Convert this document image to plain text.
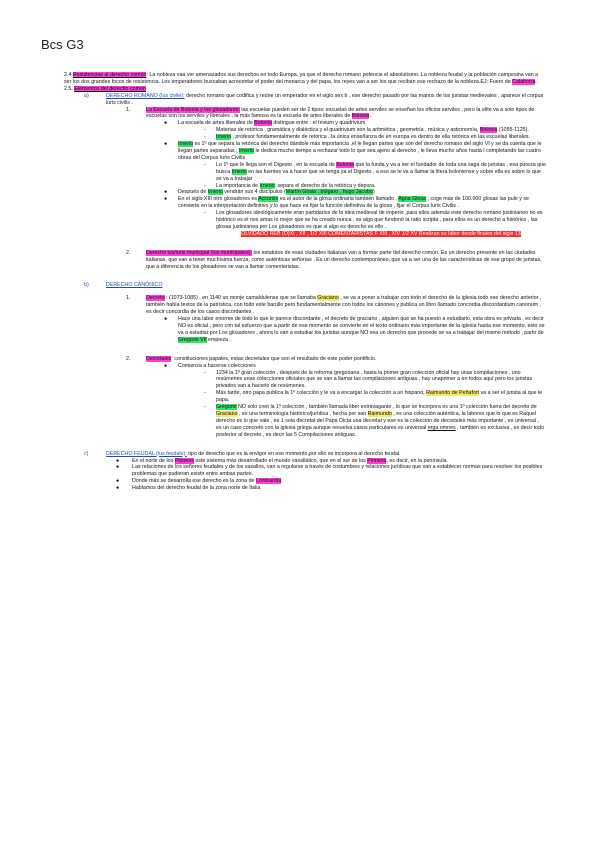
Bcs G3

2.4 Resistencias al derecho común: La nobleza vaa ver amenazados sus derechos en todo Europa, ya que el derecho romano potencia el absolutismo. La nobleza feudal y la población campesina van a ser los dos grandes focos de resistencia. Los emperadores buscaban acrecentar el poder del monarca y del papa, los reyes van a ser los que reciban ese rechazo de la nobleza.EJ: Fuero de Calahorra.

2.5. Elementos del derecho común

a)	DERECHO ROMANO (Ius civile): derecho romano que codifica y reúne un emperador en el siglo sex b , ese derecho pasado por las manos de los juristas medievales , aparece el corpus iuris civilis .

1.	La Escuela de Bolonia y los glosadores: las escuelas pueden ser de 2 tipos: escuelas de artes serviles se enseñan los oficios serviles , pero la elite va a solo tipos de escuelas son los serviles y liberales , la más famosa es la escuela de artes liberales de Bolonia.

●	La escuela de artes liberales de Bolonia distingue entre : el trivium y quadrivium

-	Materias de retórica , gramática y dialéctica y el quadrivium son la aritmética , geometría , música y astronomía, Bolonia (1055-1125).

-	Irnerio , profesor fundamentalmente de retórica , la única enseñanza de en europa es dentro de ella retórica en las escuelas liberales.

●	Irnerio es 1º que separa la retórica del derecho dándole más importancia ,el le llegan partes que son del derecho romano del siglo VI y se da cuenta que le llegan partes separadas , Irnerio le dedica mucho tiempo a rechazar todo lo que sea ajeno al derecho , le lleva mucho años hasta l completando las cuatro obras del Corpus Iuris Civilis

-	Lo 1º que le llega son el Digesto , en la escuela de Bolonia que la funda y va a ser el fundador de toda una saga de juristas , esa pureza que busca Irnerio en las fuentes va a hacer que se tenga ya el Digesto , a eso se le va a llamar la litera boloniense y sobre ella es sobre lo que se va a trabajar

-	La importancia de Irnerio: separa el derecho de la retórica y depura.

●	Después de Irnerio vendrán sus 4 discípulos (Martín Gosia , búlgaro , hugo Jacobo)

●	En el siglo XIII otro glosadores es Accursio es el autor de la glosa ordinaria también llamado , Agna Glosa , coge más de 100.000 glosas las pule y se convierte en la interpretación definitivo y lo que hace es fijar la función definitiva de la glosa , fijar el Corpus Iuris Civilis .

-	Los glosadores ideológicamente eran partidarios de la idea medieval de imperio ,para ellos además este derecho romano justinianeo no es histórico es el nos amas lo mejor que se ha creado nunca , es algo que fundonó la ratio scripta , para ellos es un derecho a histórico , las glosas justinianea por Los glosadores es que si algo es derecho es ello .

OLVIDADO REB (O)XI , XII , 1/2 XIII COMENTARISTAS F XIII , XIV 1/2 XV Realizan su labor desde finales del siglo 13
2.	Derecho ius/iuris municipal (ius municipales): los estatutos de esas ciudades italianas van a formar parte del derecho común. Es un derecho presente en las ciudades italianas, que van a tener muchísima fuerza, como auténticas señorías . Es un derecho contemporáneo, que va a ser una de las características de ese grupo de juristas, que a diferencia de los glosadores se van a llamar comentaristas.

b)	DERECHO CANÓNICO

1.	Decreto : (1073-1085) , en 1140 un monje camaldulense que se llamaba Graciano , se va a poner a trabajar con todo el derecho de la iglesia todo ese derecho anterior , también había textos de la patrística, con todo este barullo pero fundamentalmente con todos los cánones y publica un libro llamado concordia discordantium canonum , es decir concordia de los casos discordantes .

●	Hace una labor enorme de todo lo que le parece discordante , el decreto de graciano , alguien que se ha puesto a estudiarlo, esta obra es privada , es decir NO es oficial , pero con tal esfuerzo que a partir de ese momento se convierte en el texto ordinario más importante de la iglesia hasta ese momento, esto se va a estudiar por Los glosadores , ahora lo van a estudiar los juristas aunque NO sea un derecho que procede se va a trabajar del mismo método , partir de Gregorio VII empieza .

2.	Decretales: constituciones papales, estas decretales que son el resultado de este poder pontificio.

●	Comienza a hacerse colecciones

-	1234 la 1º gran colección , después de la reforma gregoriana , hasta la primer gran colección oficial hay unas compilaciones , uno resúmenes unas colecciones oficiales que se van a llamar las compilaciones antiguas , hay unaprimer a en todos aquí pero los juristas privados van a hacerlo de resúmenes.

-	Más tarde, otro papa publica la 1º colección y le va a encargar la colección a un hispano, Raimundo de Peñafort va a ser el jurista al que le papa.

-	Gregorio NO solo creó la 1º colección , también llamada liber extravagante , lo que se incorpora es una 1º colección fuera del decreto de Graciano , es una terminología histórico/jurídica , hecha por san Raimundo , es una colección auténtica, la labores que lo que es Raquel derecho es lo que vale , es 1 sola decretal del Papa Dicta una decretal y ese es la colección de decretales más importante , es universal , es un caso concreto con la iglesia griega aunque resuelva casos particulares es universal erga omnes , también es exclusiva , es decir todo posterior al decreto , es decir las 5 Compilaciones antiguas.

c)	DERECHO FEUDAL (ius feudale): tipo de derecho que es la envigor en ese momento,por ello se incorpora al derecho feudal.

●	En el norte de los Pirineos este sistema más desarrollado el mundo vasallático, que en el sur de los Pirineos, es decir, en la península.

●	Las relaciones de los señores feudales y de los vasallos, van a regularse a través de costumbres y relaciones jurídicas que van a establecer normas para resolver los posibles problemas que pudieran existir entre ambas partes.

●	Donde más se desarrolla ese derecho es la zona de Lombardía.

●	Hablamos del derecho feudal de la zona norte de Italia
